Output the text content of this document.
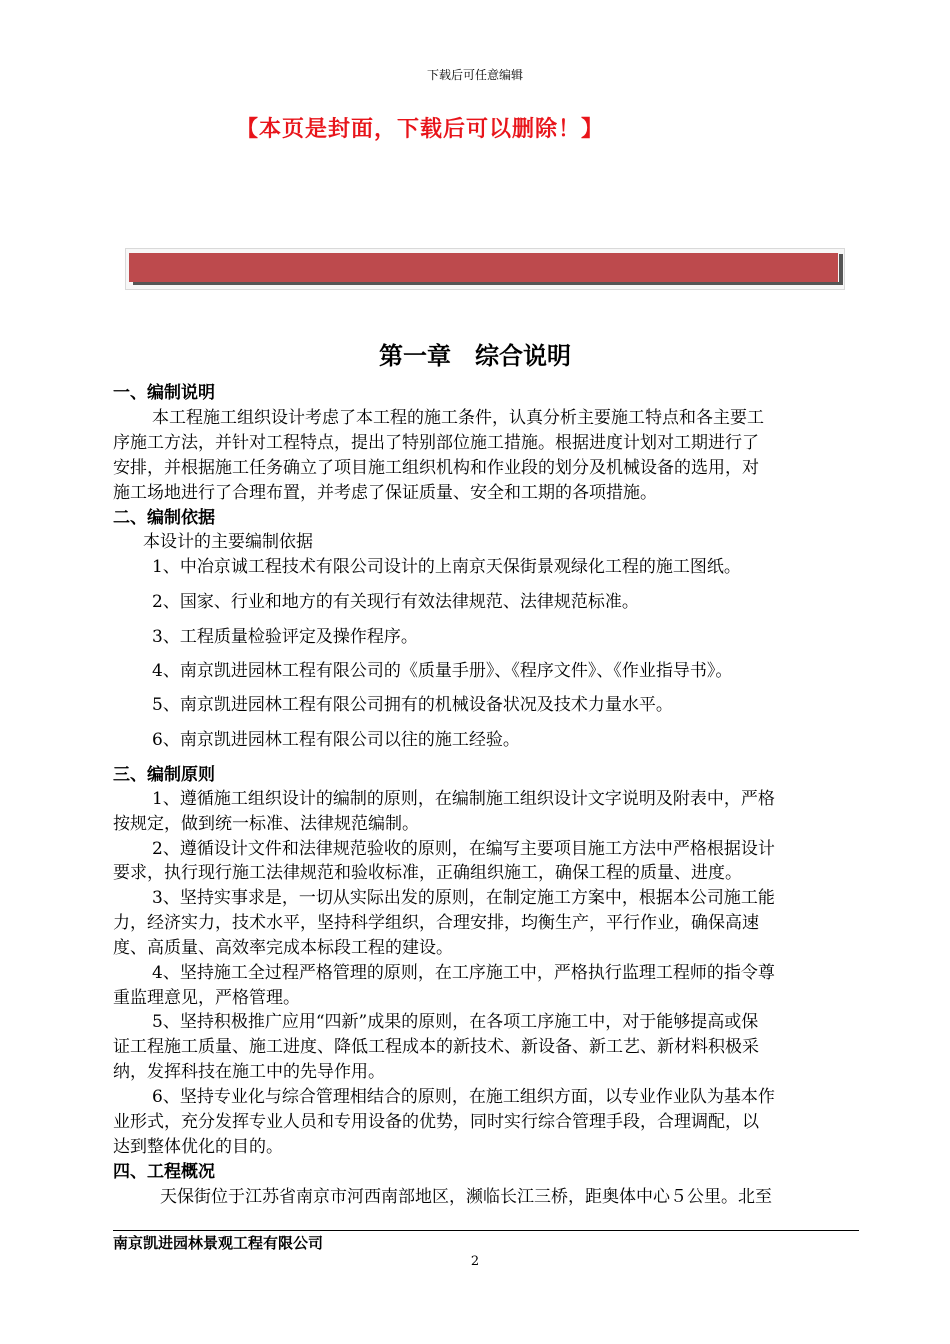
下载后可任意编辑
【本页是封面，下载后可以删除！】
第一章　综合说明
一、编制说明
本工程施工组织设计考虑了本工程的施工条件，认真分析主要施工特点和各主要工
序施工方法，并针对工程特点，提出了特别部位施工措施。根据进度计划对工期进行了
安排，并根据施工任务确立了项目施工组织机构和作业段的划分及机械设备的选用，对
施工场地进行了合理布置，并考虑了保证质量、安全和工期的各项措施。
二、编制依据
本设计的主要编制依据
1、中冶京诚工程技术有限公司设计的上南京天保街景观绿化工程的施工图纸。
2、国家、行业和地方的有关现行有效法律规范、法律规范标准。
3、工程质量检验评定及操作程序。
4、南京凯进园林工程有限公司的《质量手册》、《程序文件》、《作业指导书》。
5、南京凯进园林工程有限公司拥有的机械设备状况及技术力量水平。
6、南京凯进园林工程有限公司以往的施工经验。
三、编制原则
1、遵循施工组织设计的编制的原则，在编制施工组织设计文字说明及附表中，严格
按规定，做到统一标准、法律规范编制。
2、遵循设计文件和法律规范验收的原则，在编写主要项目施工方法中严格根据设计
要求，执行现行施工法律规范和验收标准，正确组织施工，确保工程的质量、进度。
3、坚持实事求是，一切从实际出发的原则，在制定施工方案中，根据本公司施工能
力，经济实力，技术水平，坚持科学组织，合理安排，均衡生产，平行作业，确保高速
度、高质量、高效率完成本标段工程的建设。
4、坚持施工全过程严格管理的原则，在工序施工中，严格执行监理工程师的指令尊
重监理意见，严格管理。
5、坚持积极推广应用“四新”成果的原则，在各项工序施工中，对于能够提高或保
证工程施工质量、施工进度、降低工程成本的新技术、新设备、新工艺、新材料积极采
纳，发挥科技在施工中的先导作用。
6、坚持专业化与综合管理相结合的原则，在施工组织方面，以专业作业队为基本作
业形式，充分发挥专业人员和专用设备的优势，同时实行综合管理手段，合理调配，以
达到整体优化的目的。
四、工程概况
天保街位于江苏省南京市河西南部地区，濒临长江三桥，距奥体中心５公里。北至
南京凯进园林景观工程有限公司
2
